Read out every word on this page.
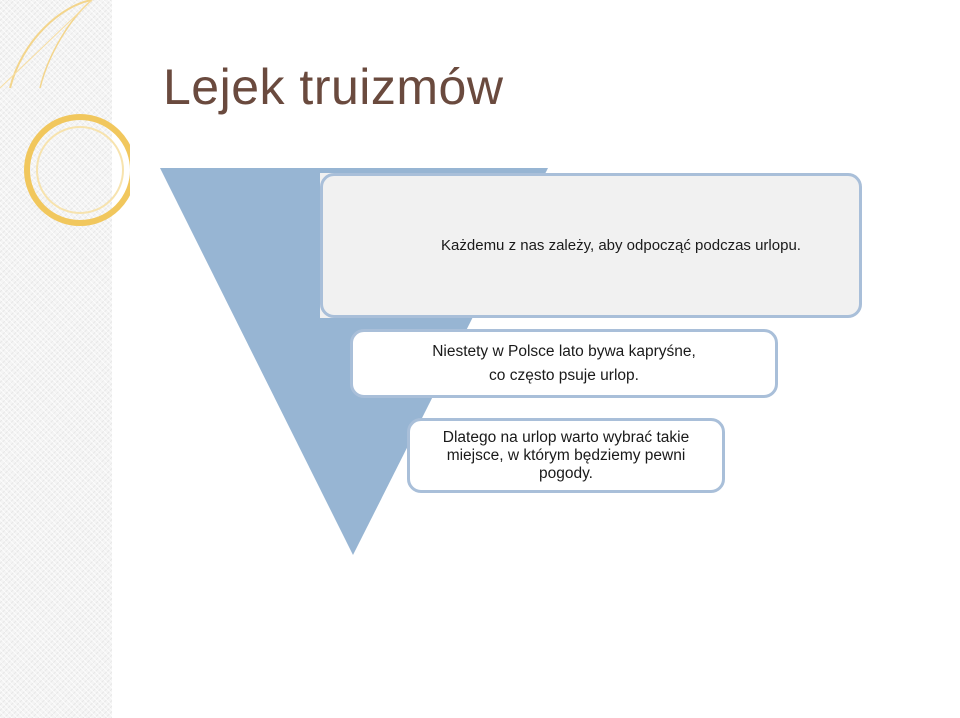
Lejek truizmów
Każdemu z nas zależy, aby odpocząć podczas urlopu.
Niestety w Polsce lato bywa kapryśne,
co często psuje urlop.
Dlatego na urlop warto wybrać takie
miejsce, w którym będziemy pewni
pogody.
